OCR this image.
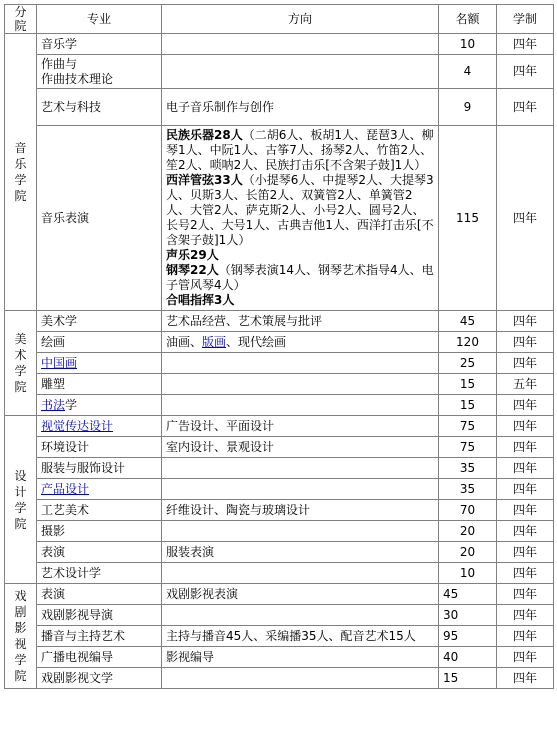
分院	专业	方向	名额	学制

音乐学院	音乐学		10	四年

	作曲与
作曲技术理论		4	四年
	艺术与科技	电子音乐制作与创作	9	四年
	音乐表演	民族乐器28人（二胡6人、板胡1人、琵琶3人、柳琴1人、中阮1人、古筝7人、扬琴2人、竹笛2人、笙2人、唢呐2人、民族打击乐[不含架子鼓]1人）
西洋管弦33人（小提琴6人、中提琴2人、大提琴3人、贝斯3人、长笛2人、双簧管2人、单簧管2人、大管2人、萨克斯2人、小号2人、圆号2人、长号2人、大号1人、古典吉他1人、西洋打击乐[不含架子鼓]1人）
声乐29人
钢琴22人（钢琴表演14人、钢琴艺术指导4人、电子管风琴4人）
合唱指挥3人	115	四年

美术学院	美术学	艺术品经营、艺术策展与批评	45	四年
	绘画	油画、版画、现代绘画	120	四年
	中国画		25	四年
	雕塑		15	五年
	书法学		15	四年

设计学院	视觉传达设计	广告设计、平面设计	75	四年
	环境设计	室内设计、景观设计	75	四年
	服装与服饰设计		35	四年
	产品设计		35	四年
	工艺美术	纤维设计、陶瓷与玻璃设计	70	四年
	摄影		20	四年
	表演	服装表演	20	四年
	艺术设计学		10	四年

戏剧影视学院	表演	戏剧影视表演	45	四年
	戏剧影视导演		30	四年
	播音与主持艺术	主持与播音45人、采编播35人、配音艺术15人	95	四年
	广播电视编导	影视编导	40	四年
	戏剧影视文学		15	四年
